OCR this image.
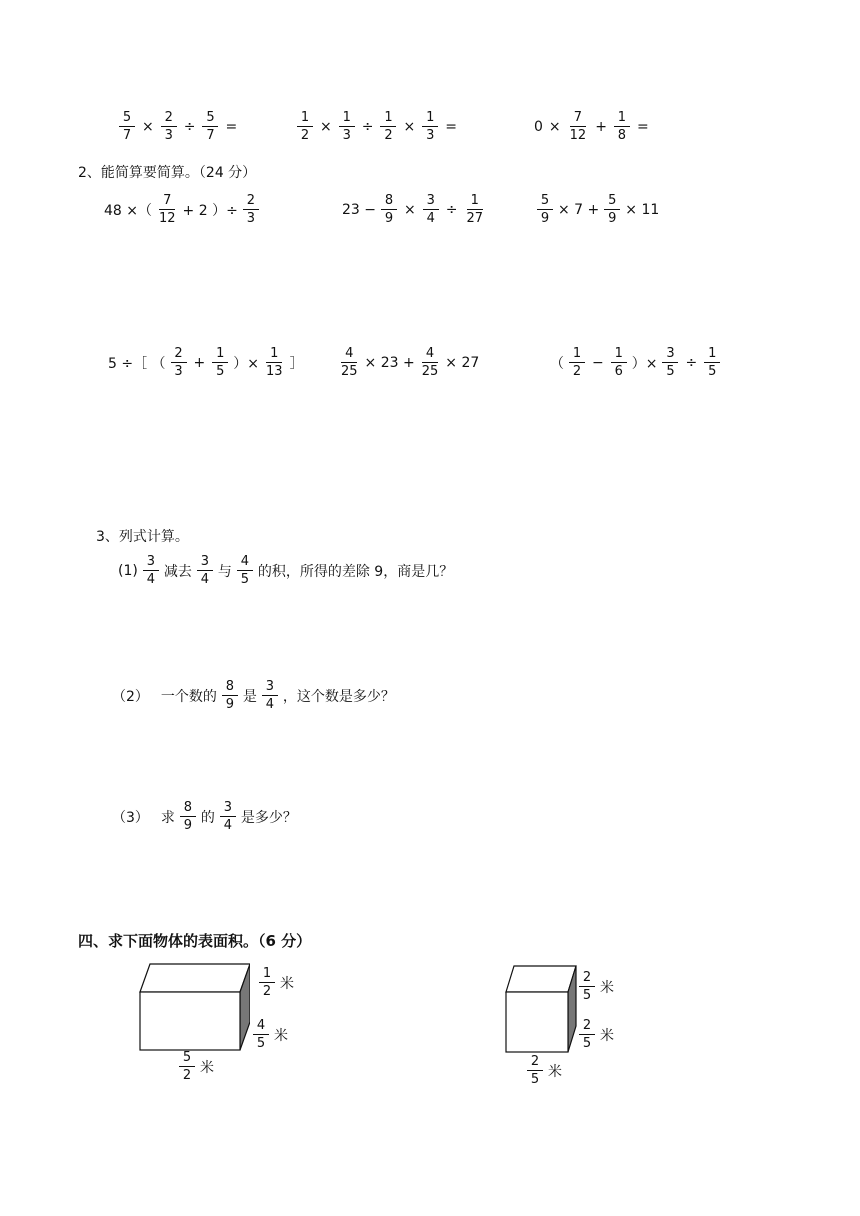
$\frac{5}{7} \times \frac{2}{3} \div \frac{5}{7}$ =	$\frac{1}{2} \times \frac{1}{3} \div \frac{1}{2} \times \frac{1}{3}$ =	$0 \times \frac{7}{12} + \frac{1}{8}$ =
2、能简算要简算。（24 分）
48 ×（ $\frac{7}{12} + 2$ ）÷ $\frac{2}{3}$	$23 - \frac{8}{9} \times \frac{3}{4} \div \frac{1}{27}$	$\frac{5}{9} \times 7 + \frac{5}{9} \times 11$
5 ÷［ （ $\frac{2}{3} + \frac{1}{5}$ ）× $\frac{1}{13}$ ］	$\frac{4}{25} \times 23 + \frac{4}{25} \times 27$	（ $\frac{1}{2} - \frac{1}{6}$ ）× $\frac{3}{5} \div \frac{1}{5}$
3、列式计算。
$(1) \frac{3}{4}$ 减去 $\frac{3}{4}$ 与 $\frac{4}{5}$ 的积，所得的差除 9，商是几？
（2） 一个数的 $\frac{8}{9}$ 是 $\frac{3}{4}$ ，这个数是多少？
（3） 求 $\frac{8}{9}$ 的 $\frac{3}{4}$ 是多少？
四、求下面物体的表面积。（6 分）
$\frac{1}{2}$ 米
$\frac{4}{5}$ 米
$\frac{5}{2}$ 米
$\frac{2}{5}$ 米
$\frac{2}{5}$ 米
$\frac{2}{5}$ 米
